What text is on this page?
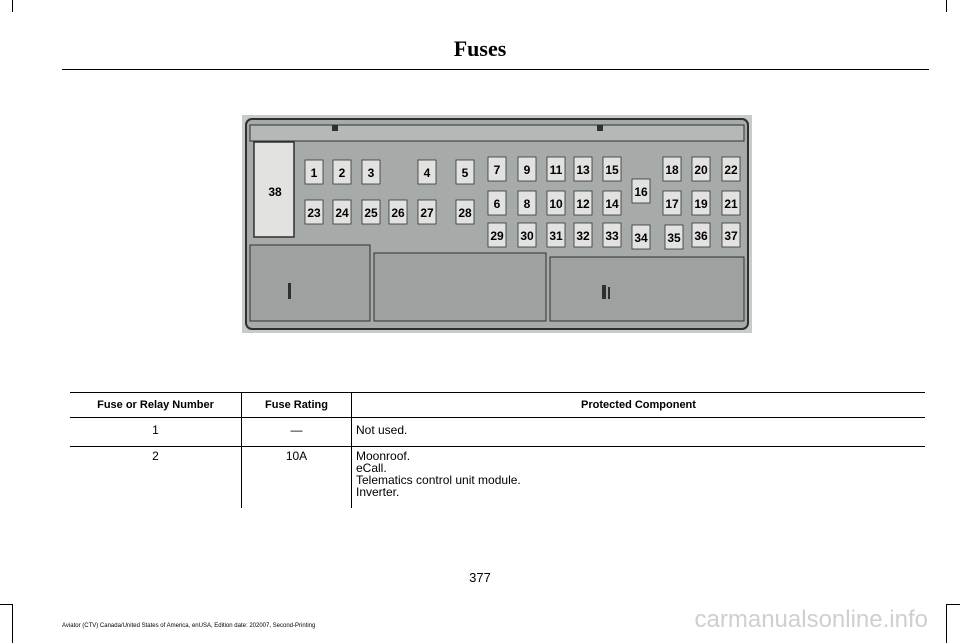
Fuses
38
1 2 3	4	5 7 9 11 13 15	18 20 22
16
23 24 25 26 27 28
6 8 10 12 14	17 19 21
29 30 31 32 33 34 35 36 37
Fuse or Relay Number	Fuse Rating	Protected Component
1	—	Not used.

2	10A	Moonroof.
eCall.
Telematics control unit module.
Inverter.
377
Aviator (CTV) Canada/United States of America, enUSA, Edition date: 202007, Second-Printing	carmanualsonline.info
